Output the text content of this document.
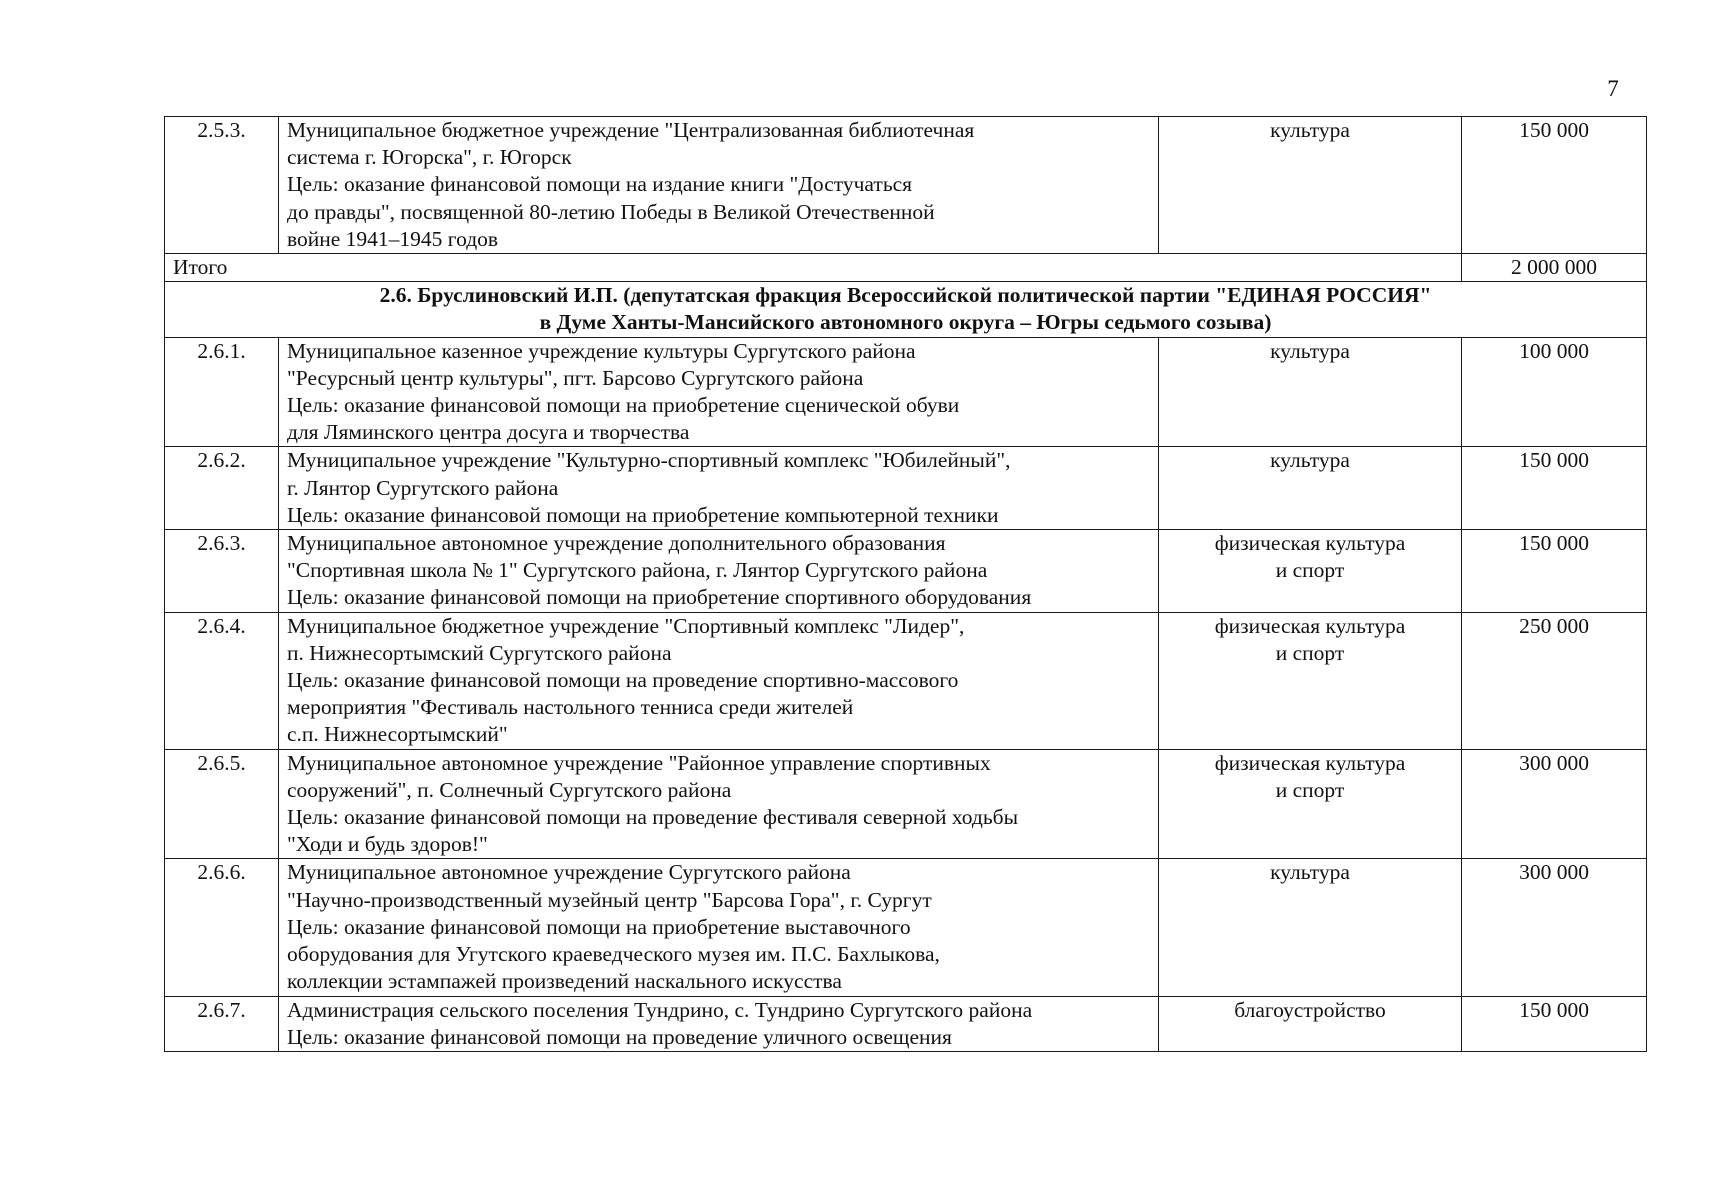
7
2.5.3.	Муниципальное бюджетное учреждение "Централизованная библиотечная
система г. Югорска", г. Югорск
Цель: оказание финансовой помощи на издание книги "Достучаться
до правды", посвященной 80-летию Победы в Великой Отечественной
войне 1941–1945 годов	культура	150 000
Итого			2 000 000

2.6. Бруслиновский И.П. (депутатская фракция Всероссийской политической партии "ЕДИНАЯ РОССИЯ"
в Думе Ханты-Мансийского автономного округа – Югры седьмого созыва)			

2.6.1.	Муниципальное казенное учреждение культуры Сургутского района
"Ресурсный центр культуры", пгт. Барсово Сургутского района
Цель: оказание финансовой помощи на приобретение сценической обуви
для Ляминского центра досуга и творчества	культура	100 000
2.6.2.	Муниципальное учреждение "Культурно-спортивный комплекс "Юбилейный",
г. Лянтор Сургутского района
Цель: оказание финансовой помощи на приобретение компьютерной техники	культура	150 000
2.6.3.	Муниципальное автономное учреждение дополнительного образования
"Спортивная школа № 1" Сургутского района, г. Лянтор Сургутского района
Цель: оказание финансовой помощи на приобретение спортивного оборудования	физическая культура
и спорт	150 000
2.6.4.	Муниципальное бюджетное учреждение "Спортивный комплекс "Лидер",
п. Нижнесортымский Сургутского района
Цель: оказание финансовой помощи на проведение спортивно-массового
мероприятия "Фестиваль настольного тенниса среди жителей
с.п. Нижнесортымский"	физическая культура
и спорт	250 000
2.6.5.	Муниципальное автономное учреждение "Районное управление спортивных
сооружений", п. Солнечный Сургутского района
Цель: оказание финансовой помощи на проведение фестиваля северной ходьбы
"Ходи и будь здоров!"	физическая культура
и спорт	300 000
2.6.6.	Муниципальное автономное учреждение Сургутского района
"Научно-производственный музейный центр "Барсова Гора", г. Сургут
Цель: оказание финансовой помощи на приобретение выставочного
оборудования для Угутского краеведческого музея им. П.С. Бахлыкова,
коллекции эстампажей произведений наскального искусства	культура	300 000
2.6.7.	Администрация сельского поселения Тундрино, с. Тундрино Сургутского района
Цель: оказание финансовой помощи на проведение уличного освещения	благоустройство	150 000
